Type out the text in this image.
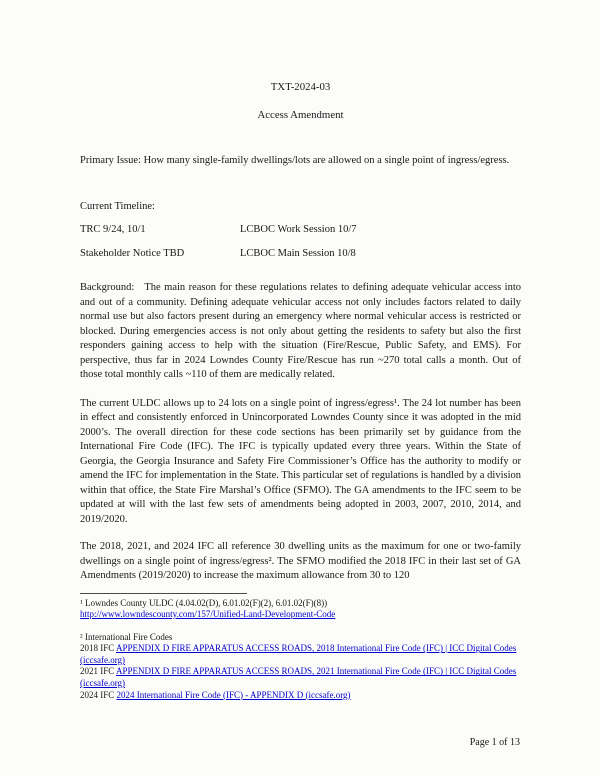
TXT-2024-03
Access Amendment

Primary Issue: How many single-family dwellings/lots are allowed on a single point of ingress/egress.

Current Timeline:
TRC 9/24, 10/1	LCBOC Work Session 10/7
Stakeholder Notice TBD	LCBOC Main Session 10/8

Background:   The main reason for these regulations relates to defining adequate vehicular access into and out of a community. Defining adequate vehicular access not only includes factors related to daily normal use but also factors present during an emergency where normal vehicular access is restricted or blocked. During emergencies access is not only about getting the residents to safety but also the first responders gaining access to help with the situation (Fire/Rescue, Public Safety, and EMS). For perspective, thus far in 2024 Lowndes County Fire/Rescue has run ~270 total calls a month. Out of those total monthly calls ~110 of them are medically related.

The current ULDC allows up to 24 lots on a single point of ingress/egress¹. The 24 lot number has been in effect and consistently enforced in Unincorporated Lowndes County since it was adopted in the mid 2000’s. The overall direction for these code sections has been primarily set by guidance from the International Fire Code (IFC). The IFC is typically updated every three years. Within the State of Georgia, the Georgia Insurance and Safety Fire Commissioner’s Office has the authority to modify or amend the IFC for implementation in the State. This particular set of regulations is handled by a division within that office, the State Fire Marshal’s Office (SFMO). The GA amendments to the IFC seem to be updated at will with the last few sets of amendments being adopted in 2003, 2007, 2010, 2014, and 2019/2020.

The 2018, 2021, and 2024 IFC all reference 30 dwelling units as the maximum for one or two-family dwellings on a single point of ingress/egress². The SFMO modified the 2018 IFC in their last set of GA Amendments (2019/2020) to increase the maximum allowance from 30 to 120

¹ Lowndes County ULDC (4.04.02(D), 6.01.02(F)(2), 6.01.02(F)(8))
http://www.lowndescounty.com/157/Unified-Land-Development-Code
² International Fire Codes
2018 IFC APPENDIX D FIRE APPARATUS ACCESS ROADS, 2018 International Fire Code (IFC) | ICC Digital Codes (iccsafe.org)
2021 IFC APPENDIX D FIRE APPARATUS ACCESS ROADS, 2021 International Fire Code (IFC) | ICC Digital Codes (iccsafe.org)
2024 IFC 2024 International Fire Code (IFC) - APPENDIX D (iccsafe.org)
Page 1 of 13
